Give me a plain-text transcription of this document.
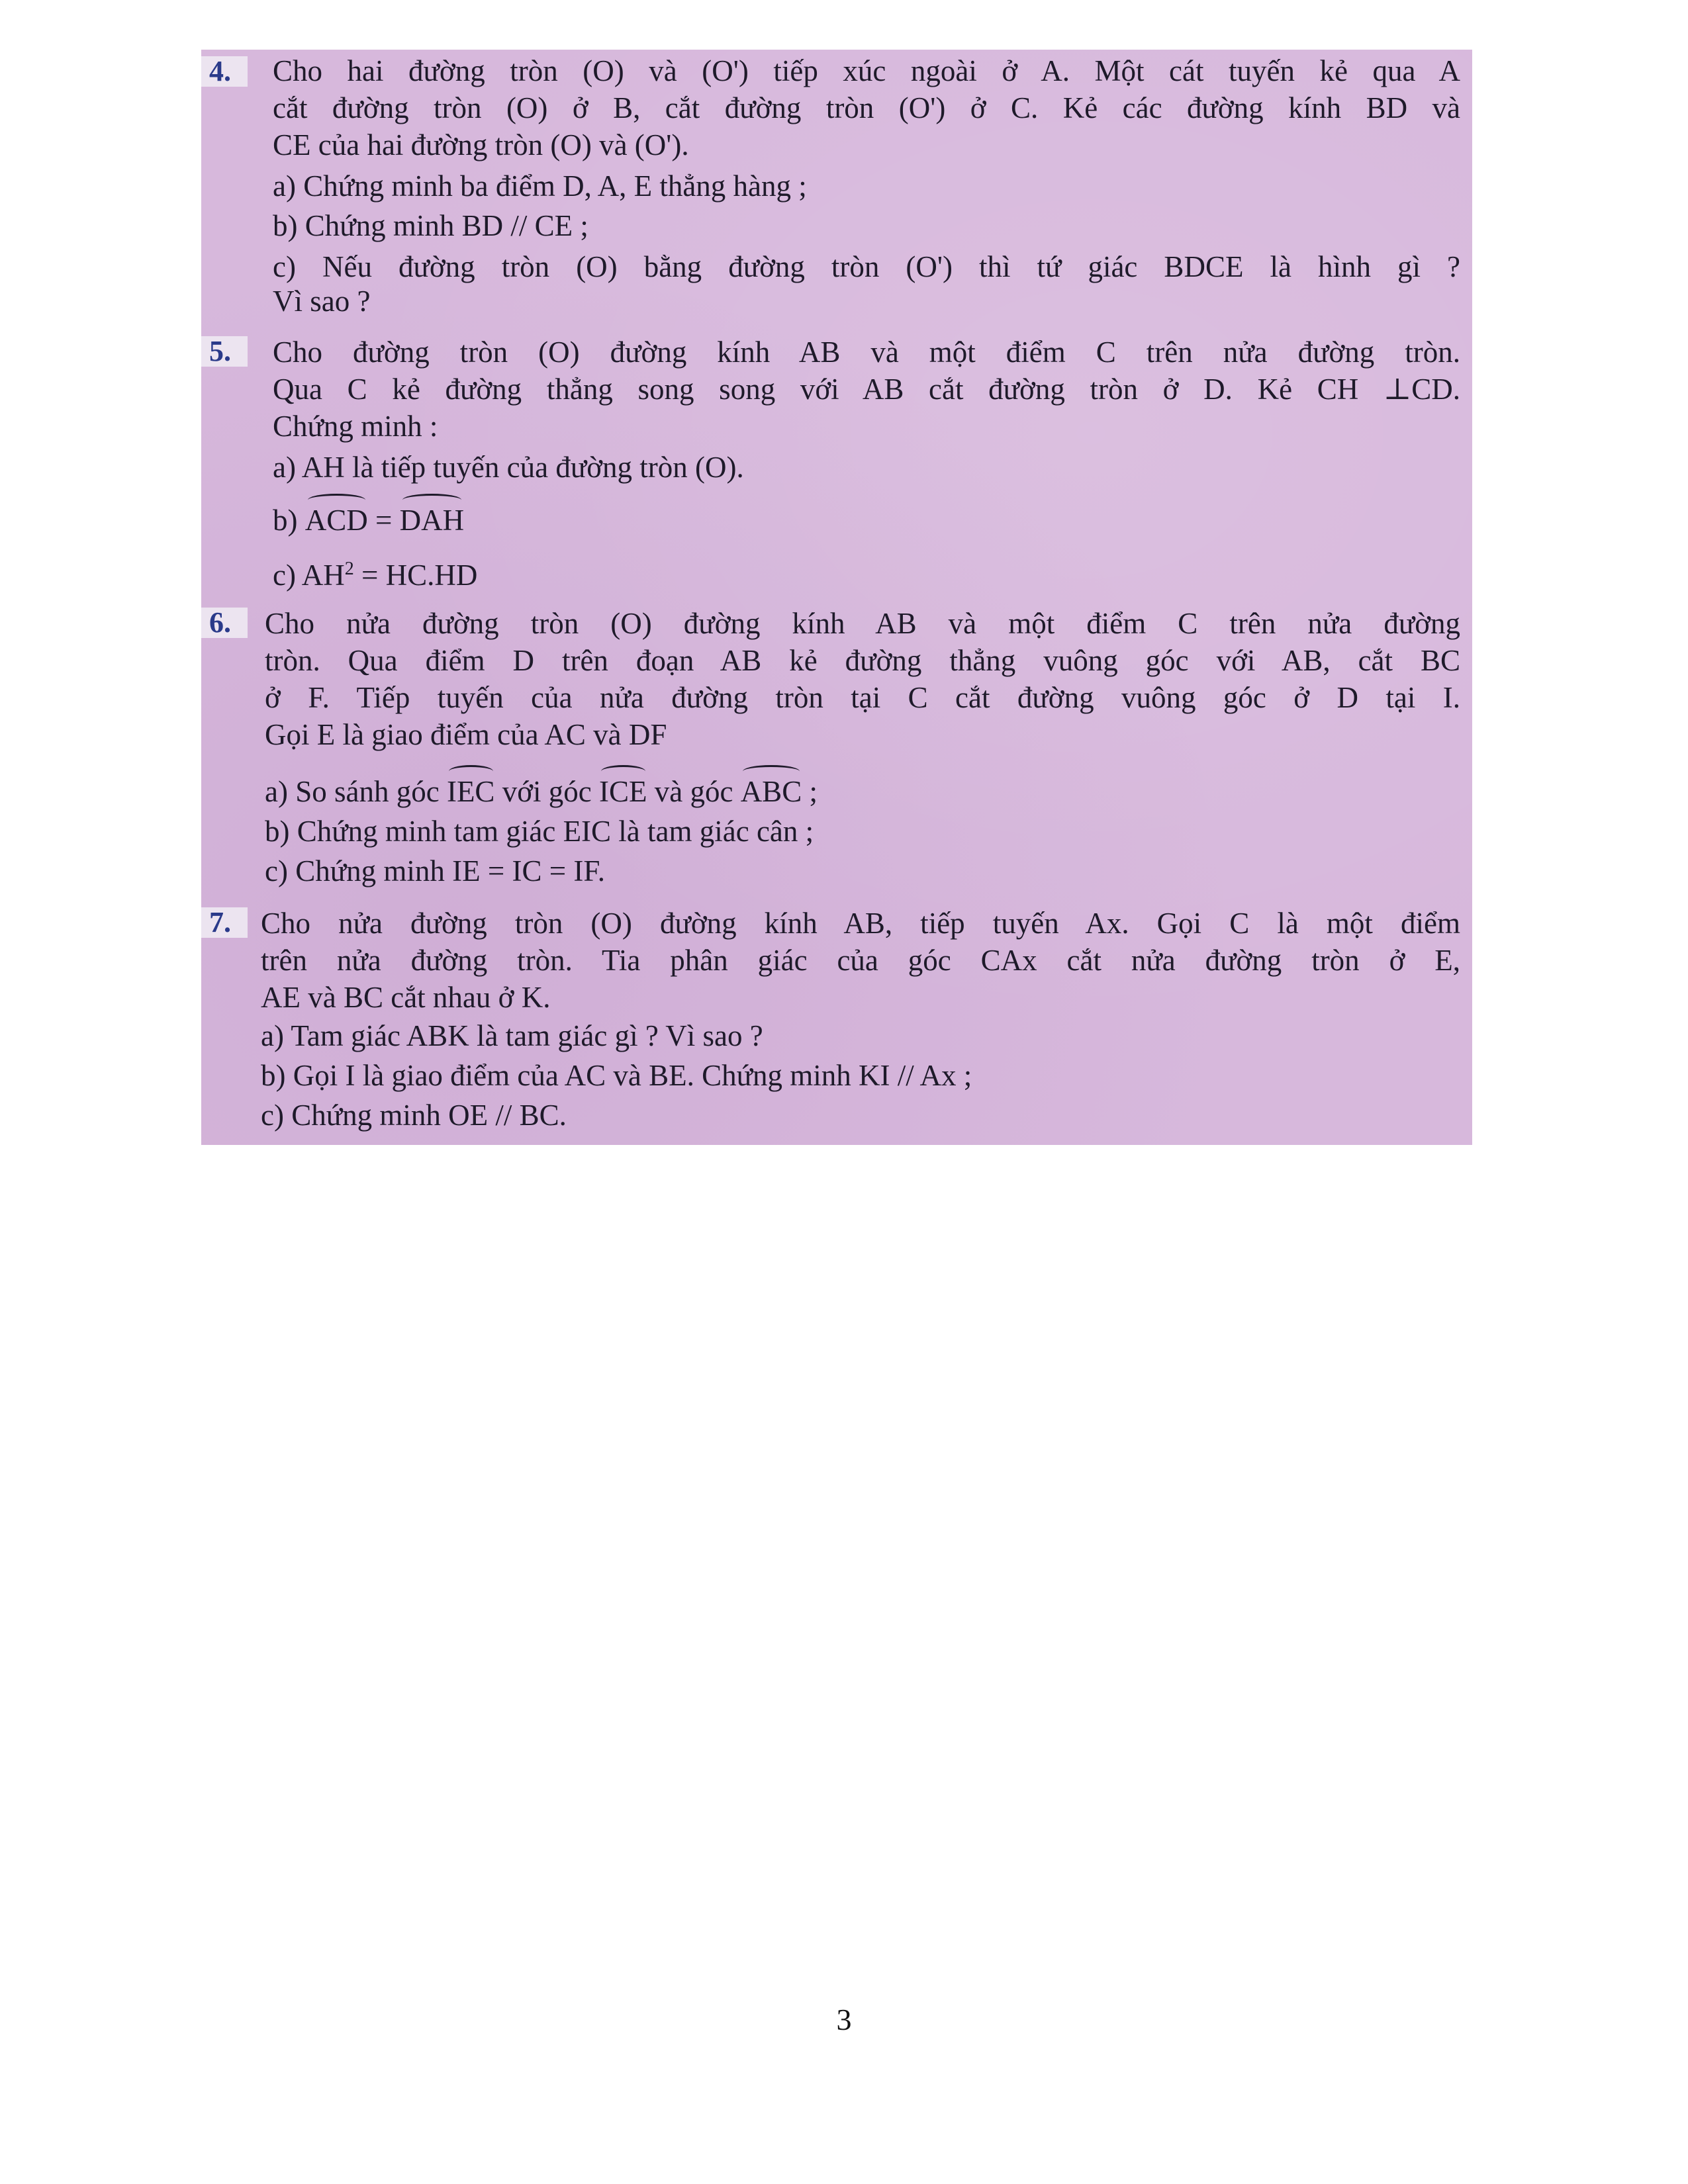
4.	Cho hai đường tròn (O) và (O') tiếp xúc ngoài ở A. Một cát tuyến kẻ qua A
cắt đường tròn (O) ở B, cắt đường tròn (O') ở C. Kẻ các đường kính BD và
CE của hai đường tròn (O) và (O').
a) Chứng minh ba điểm D, A, E thẳng hàng ;
b) Chứng minh BD // CE ;
c) Nếu đường tròn (O) bằng đường tròn (O') thì tứ giác BDCE là hình gì ?
Vì sao ?
5.	Cho đường tròn (O) đường kính AB và một điểm C trên nửa đường tròn.
Qua C kẻ đường thẳng song song với AB cắt đường tròn ở D. Kẻ CH ⊥CD.
Chứng minh :
a) AH là tiếp tuyến của đường tròn (O).
b) ACD = DAH
c) $AH^2 = HC.HD$
6.	Cho nửa đường tròn (O) đường kính AB và một điểm C trên nửa đường
tròn. Qua điểm D trên đoạn AB kẻ đường thẳng vuông góc với AB, cắt BC
ở F. Tiếp tuyến của nửa đường tròn tại C cắt đường vuông góc ở D tại I.
Gọi E là giao điểm của AC và DF
a) So sánh góc IEC với góc ICE và góc ABC ;
b) Chứng minh tam giác EIC là tam giác cân ;
c) Chứng minh IE = IC = IF.
7.	Cho nửa đường tròn (O) đường kính AB, tiếp tuyến Ax. Gọi C là một điểm
trên nửa đường tròn. Tia phân giác của góc CAx cắt nửa đường tròn ở E,
AE và BC cắt nhau ở K.
a) Tam giác ABK là tam giác gì ? Vì sao ?
b) Gọi I là giao điểm của AC và BE. Chứng minh KI // Ax ;
c) Chứng minh OE // BC.
3
